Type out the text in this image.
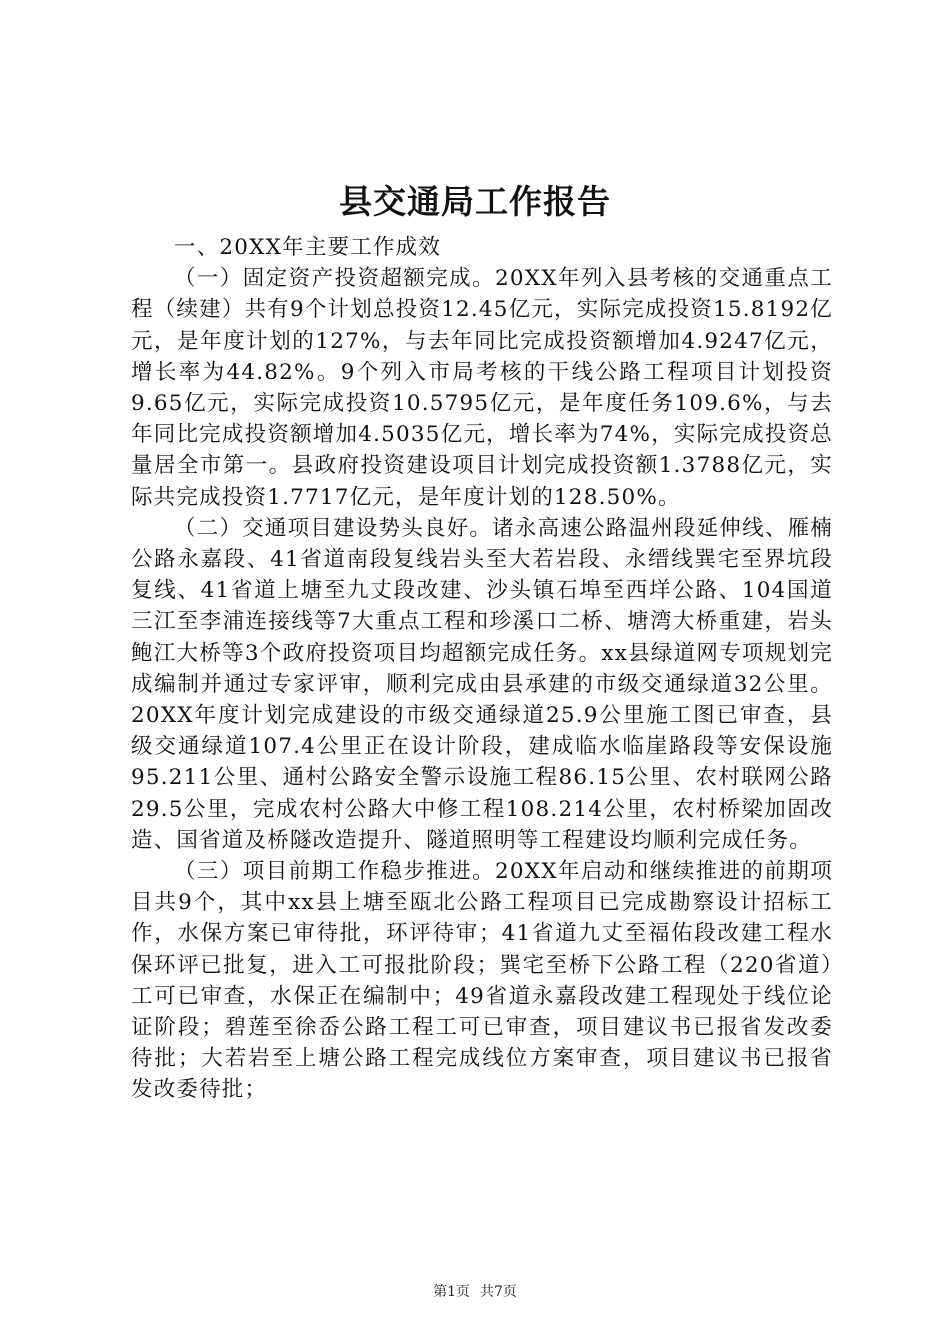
县交通局工作报告

一、20XX年主要工作成效

（一）固定资产投资超额完成。20XX年列入县考核的交通重点工程（续建）共有9个计划总投资12.45亿元，实际完成投资15.8192亿元，是年度计划的127%，与去年同比完成投资额增加4.9247亿元，增长率为44.82%。9个列入市局考核的干线公路工程项目计划投资9.65亿元，实际完成投资10.5795亿元，是年度任务109.6%，与去年同比完成投资额增加4.5035亿元，增长率为74%，实际完成投资总量居全市第一。县政府投资建设项目计划完成投资额1.3788亿元，实际共完成投资1.7717亿元，是年度计划的128.50%。

（二）交通项目建设势头良好。诸永高速公路温州段延伸线、雁楠公路永嘉段、41省道南段复线岩头至大若岩段、永缙线巽宅至界坑段复线、41省道上塘至九丈段改建、沙头镇石埠至西垟公路、104国道三江至李浦连接线等7大重点工程和珍溪口二桥、塘湾大桥重建，岩头鲍江大桥等3个政府投资项目均超额完成任务。xx县绿道网专项规划完成编制并通过专家评审，顺利完成由县承建的市级交通绿道32公里。20XX年度计划完成建设的市级交通绿道25.9公里施工图已审查，县级交通绿道107.4公里正在设计阶段，建成临水临崖路段等安保设施95.211公里、通村公路安全警示设施工程86.15公里、农村联网公路29.5公里，完成农村公路大中修工程108.214公里，农村桥梁加固改造、国省道及桥隧改造提升、隧道照明等工程建设均顺利完成任务。

（三）项目前期工作稳步推进。20XX年启动和继续推进的前期项目共9个，其中xx县上塘至瓯北公路工程项目已完成勘察设计招标工作，水保方案已审待批，环评待审；41省道九丈至福佑段改建工程水保环评已批复，进入工可报批阶段；巽宅至桥下公路工程（220省道）工可已审查，水保正在编制中；49省道永嘉段改建工程现处于线位论证阶段；碧莲至徐岙公路工程工可已审查，项目建议书已报省发改委待批；大若岩至上塘公路工程完成线位方案审查，项目建议书已报省发改委待批；

第1页 共7页
